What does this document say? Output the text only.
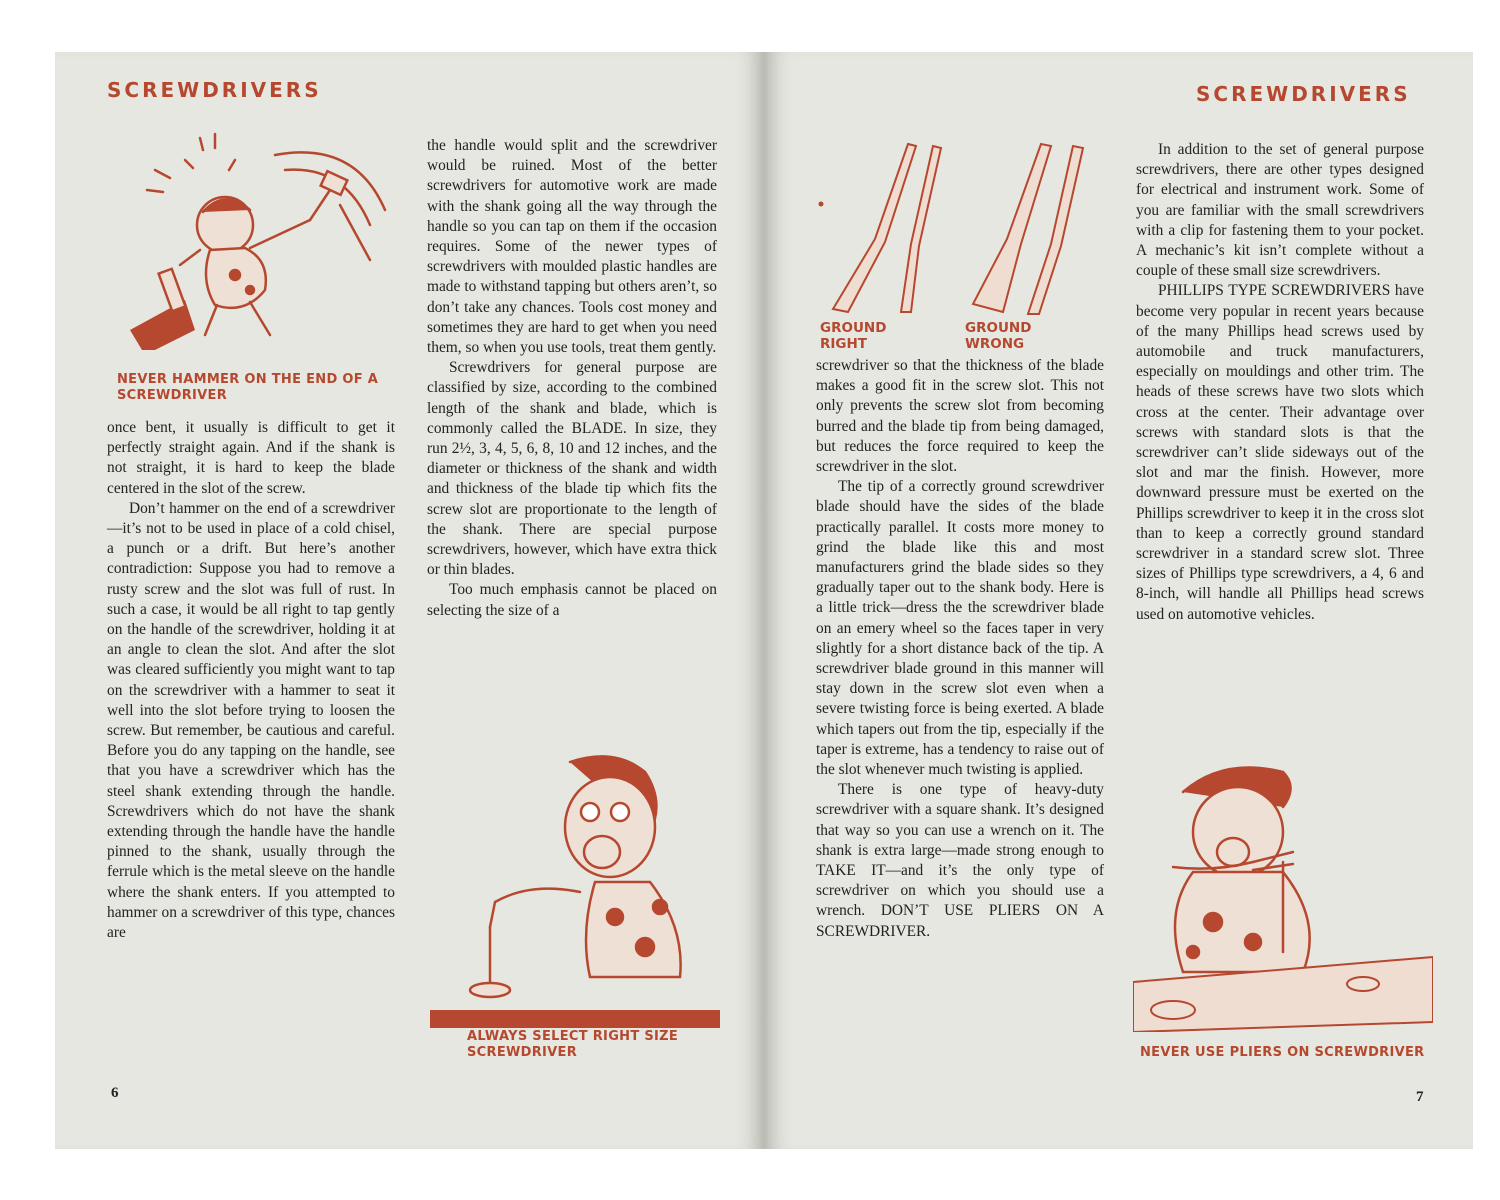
SCREWDRIVERS
NEVER HAMMER ON THE END OF A SCREWDRIVER

once bent, it usually is difficult to get it perfectly straight again. And if the shank is not straight, it is hard to keep the blade centered in the slot of the screw.

Don’t hammer on the end of a screwdriver—it’s not to be used in place of a cold chisel, a punch or a drift. But here’s another contradiction: Suppose you had to remove a rusty screw and the slot was full of rust. In such a case, it would be all right to tap gently on the handle of the screwdriver, holding it at an angle to clean the slot. And after the slot was cleared sufficiently you might want to tap on the screwdriver with a hammer to seat it well into the slot before trying to loosen the screw. But remember, be cautious and careful. Before you do any tapping on the handle, see that you have a screwdriver which has the steel shank extending through the handle. Screwdrivers which do not have the shank extending through the handle have the handle pinned to the shank, usually through the ferrule which is the metal sleeve on the handle where the shank enters. If you attempted to hammer on a screwdriver of this type, chances are

the handle would split and the screwdriver would be ruined. Most of the better screwdrivers for automotive work are made with the shank going all the way through the handle so you can tap on them if the occasion requires. Some of the newer types of screwdrivers with moulded plastic handles are made to withstand tapping but others aren’t, so don’t take any chances. Tools cost money and sometimes they are hard to get when you need them, so when you use tools, treat them gently.

Screwdrivers for general purpose are classified by size, according to the combined length of the shank and blade, which is commonly called the BLADE. In size, they run 2½, 3, 4, 5, 6, 8, 10 and 12 inches, and the diameter or thickness of the shank and width and thickness of the blade tip which fits the screw slot are proportionate to the length of the shank. There are special purpose screwdrivers, however, which have extra thick or thin blades.

Too much emphasis cannot be placed on selecting the size of a

ALWAYS SELECT RIGHT SIZE SCREWDRIVER
6
SCREWDRIVERS
GROUND RIGHT
GROUND WRONG

screwdriver so that the thickness of the blade makes a good fit in the screw slot. This not only prevents the screw slot from becoming burred and the blade tip from being damaged, but reduces the force required to keep the screwdriver in the slot.

The tip of a correctly ground screwdriver blade should have the sides of the blade practically parallel. It costs more money to grind the blade like this and most manufacturers grind the blade sides so they gradually taper out to the shank body. Here is a little trick—dress the the screwdriver blade on an emery wheel so the faces taper in very slightly for a short distance back of the tip. A screwdriver blade ground in this manner will stay down in the screw slot even when a severe twisting force is being exerted. A blade which tapers out from the tip, especially if the taper is extreme, has a tendency to raise out of the slot whenever much twisting is applied.

There is one type of heavy-duty screwdriver with a square shank. It’s designed that way so you can use a wrench on it. The shank is extra large—made strong enough to TAKE IT—and it’s the only type of screwdriver on which you should use a wrench. DON’T USE PLIERS ON A SCREWDRIVER.

In addition to the set of general purpose screwdrivers, there are other types designed for electrical and instrument work. Some of you are familiar with the small screwdrivers with a clip for fastening them to your pocket. A mechanic’s kit isn’t complete without a couple of these small size screwdrivers.

PHILLIPS TYPE SCREWDRIVERS have become very popular in recent years because of the many Phillips head screws used by automobile and truck manufacturers, especially on mouldings and other trim. The heads of these screws have two slots which cross at the center. Their advantage over screws with standard slots is that the screwdriver can’t slide sideways out of the slot and mar the finish. However, more downward pressure must be exerted on the Phillips screwdriver to keep it in the cross slot than to keep a correctly ground standard screwdriver in a standard screw slot. Three sizes of Phillips type screwdrivers, a 4, 6 and 8-inch, will handle all Phillips head screws used on automotive vehicles.

NEVER USE PLIERS ON SCREWDRIVER
7
